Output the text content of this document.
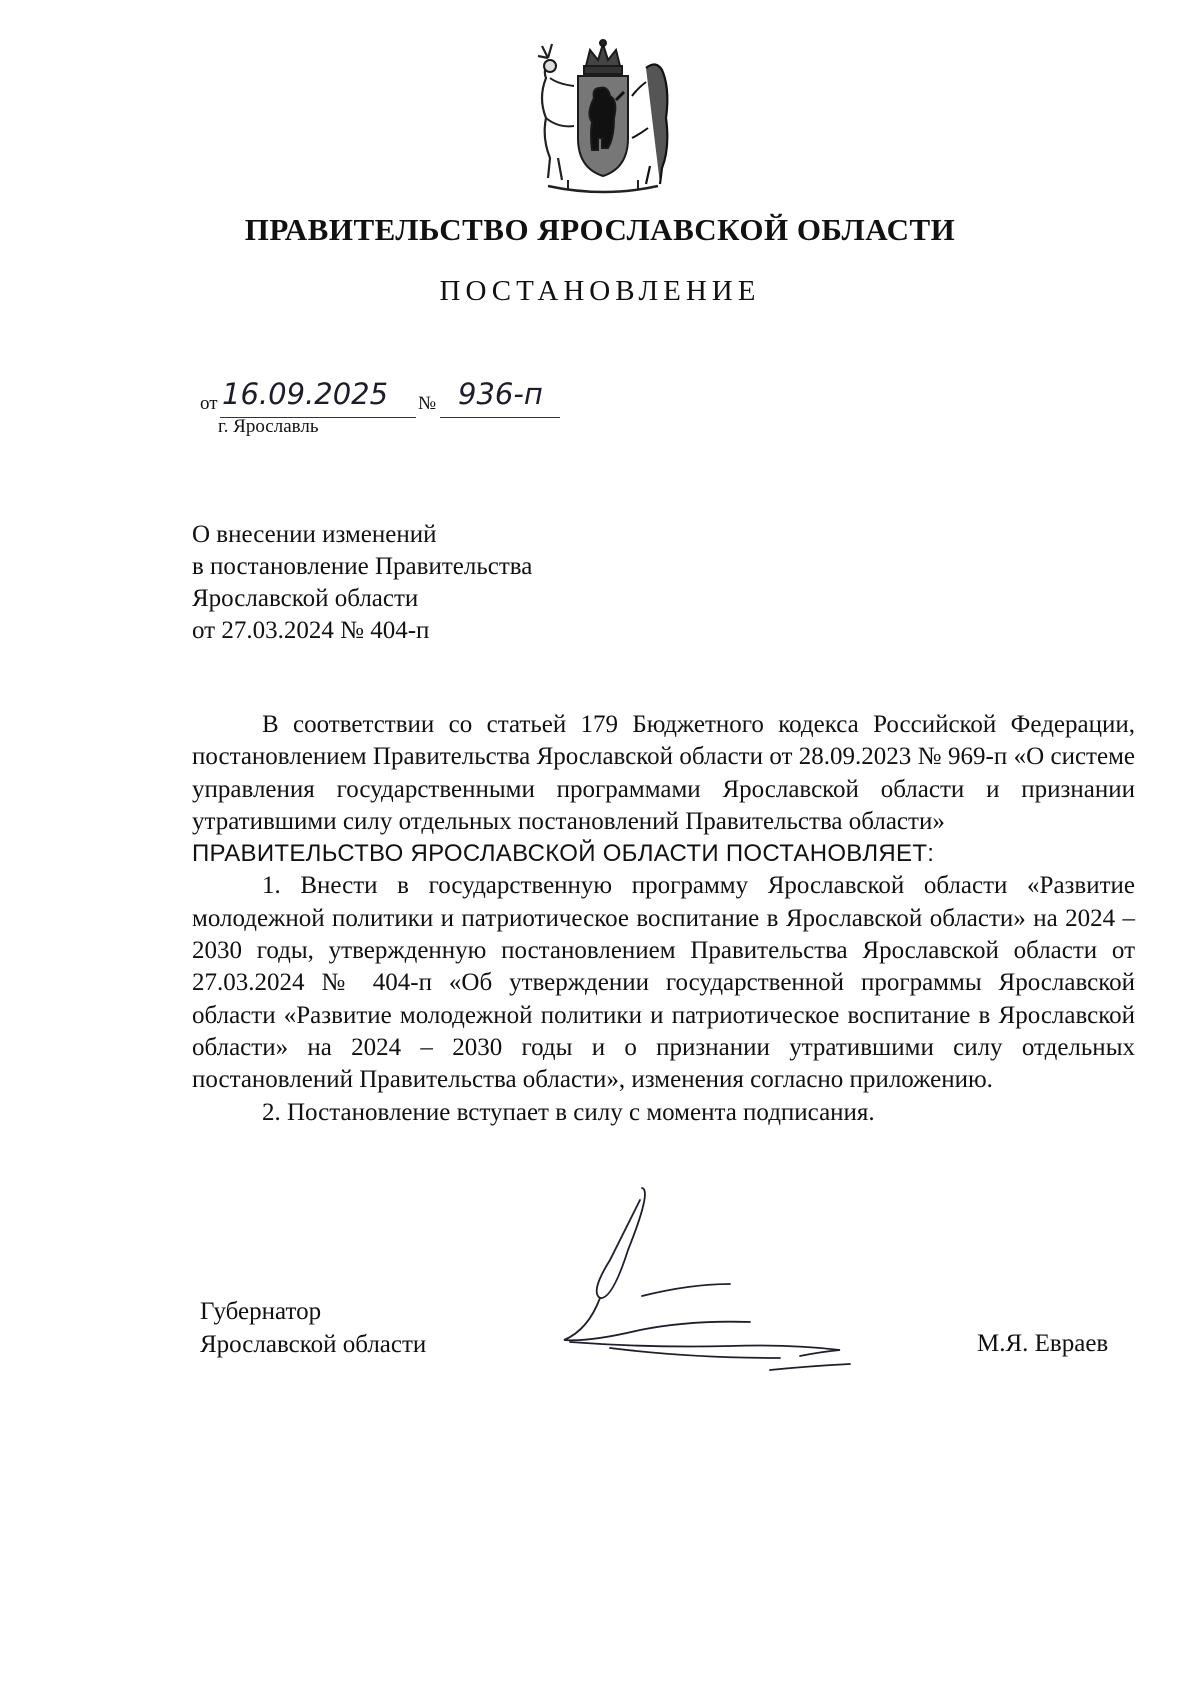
ПРАВИТЕЛЬСТВО ЯРОСЛАВСКОЙ ОБЛАСТИ
ПОСТАНОВЛЕНИЕ
от 16.09.2025 № 936-п
г. Ярославль
О внесении изменений
в постановление Правительства
Ярославской области
от 27.03.2024 № 404-п

В соответствии со статьей 179 Бюджетного кодекса Российской Федерации, постановлением Правительства Ярославской области от 28.09.2023 № 969-п «О системе управления государственными программами Ярославской области и признании утратившими силу отдельных постановлений Правительства области»

ПРАВИТЕЛЬСТВО ЯРОСЛАВСКОЙ ОБЛАСТИ ПОСТАНОВЛЯЕТ:

1. Внести в государственную программу Ярославской области «Развитие молодежной политики и патриотическое воспитание в Ярославской области» на 2024 – 2030 годы, утвержденную постановлением Правительства Ярославской области от 27.03.2024 № 404-п «Об утверждении государственной программы Ярославской области «Развитие молодежной политики и патриотическое воспитание в Ярославской области» на 2024 – 2030 годы и о признании утратившими силу отдельных постановлений Правительства области», изменения согласно приложению.

2. Постановление вступает в силу с момента подписания.

Губернатор
Ярославской области	М.Я. Евраев
